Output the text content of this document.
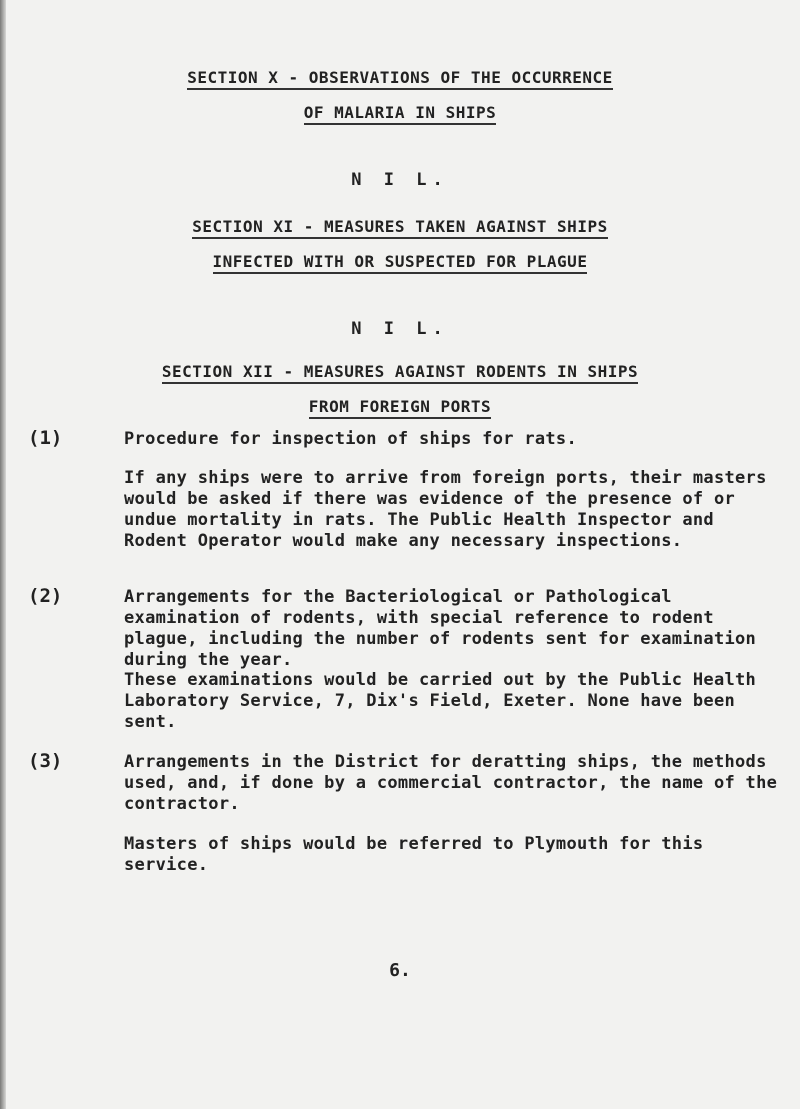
SECTION X - OBSERVATIONS OF THE OCCURRENCE
OF MALARIA IN SHIPS
N I L.
SECTION XI - MEASURES TAKEN AGAINST SHIPS
INFECTED WITH OR SUSPECTED FOR PLAGUE
N I L.
SECTION XII - MEASURES AGAINST RODENTS IN SHIPS
FROM FOREIGN PORTS
(1)	Procedure for inspection of ships for rats.
If any ships were to arrive from foreign ports, their masters would be asked if there was evidence of the presence of or undue mortality in rats. The Public Health Inspector and Rodent Operator would make any necessary inspections.
(2)	Arrangements for the Bacteriological or Pathological examination of rodents, with special reference to rodent plague, including the number of rodents sent for examination during the year.
These examinations would be carried out by the Public Health Laboratory Service, 7, Dix's Field, Exeter. None have been sent.
(3)	Arrangements in the District for deratting ships, the methods used, and, if done by a commercial contractor, the name of the contractor.
Masters of ships would be referred to Plymouth for this service.
6.
